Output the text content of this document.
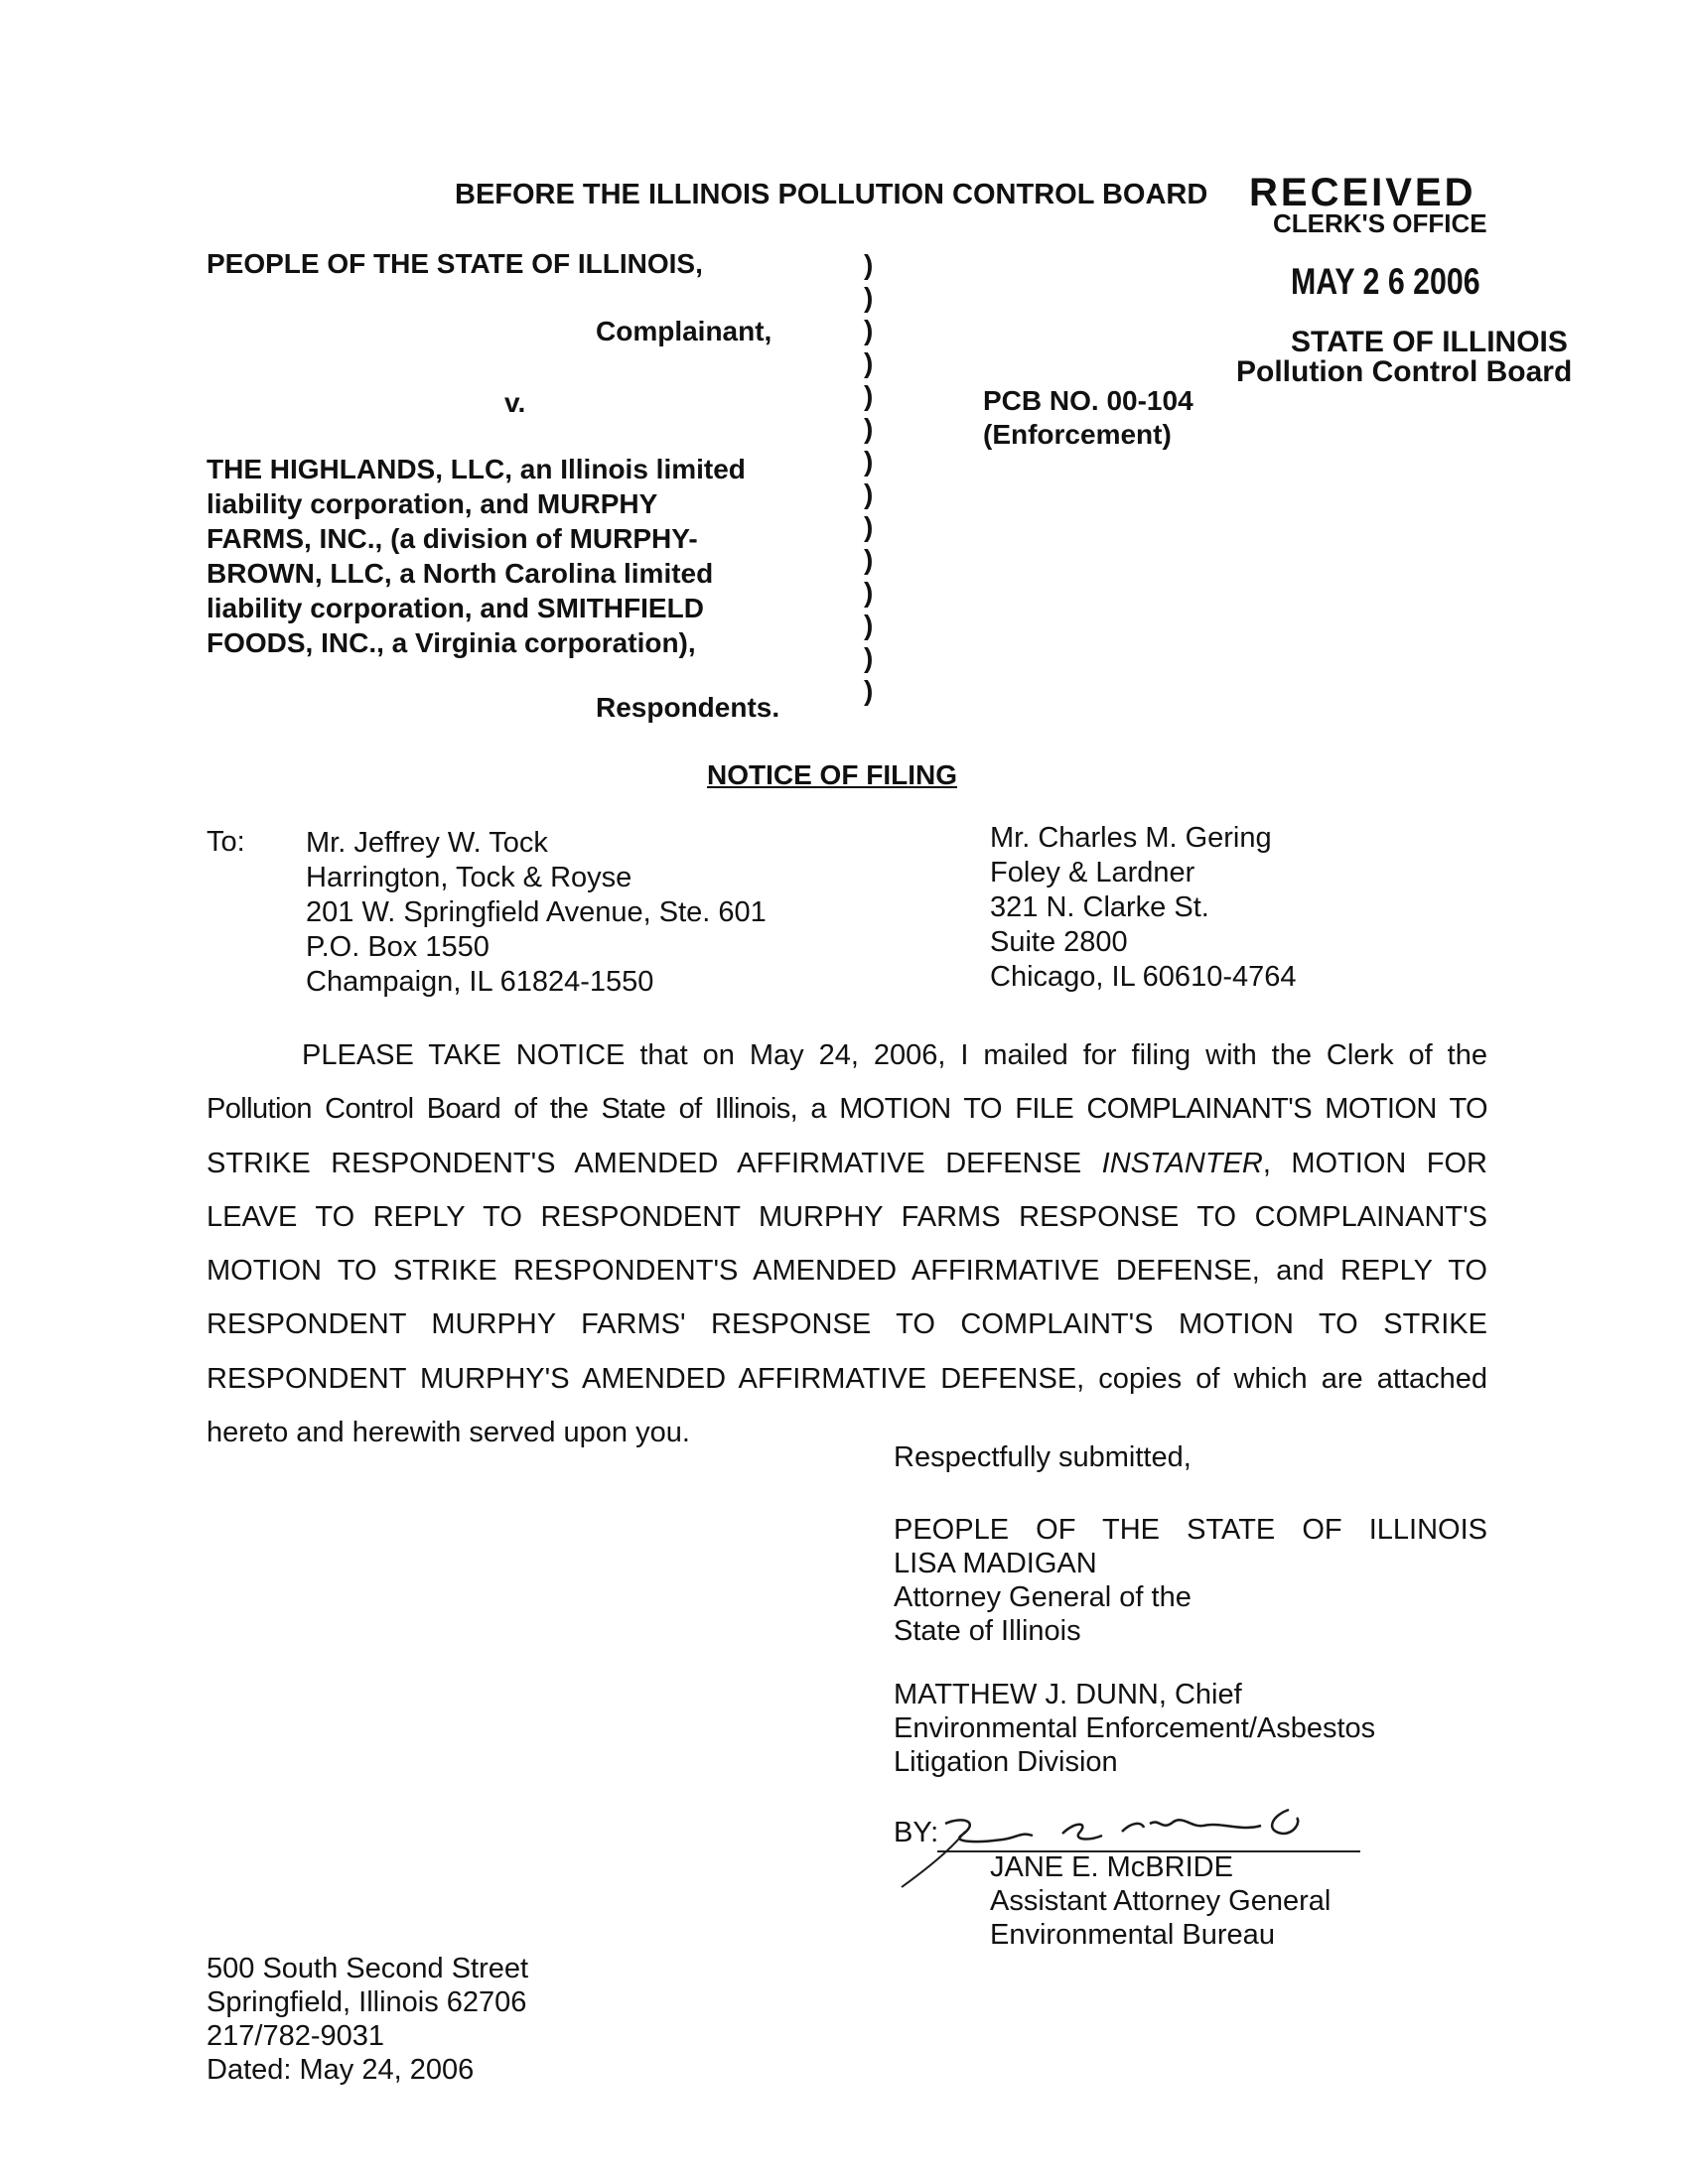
BEFORE THE ILLINOIS POLLUTION CONTROL BOARD RECEIVED
CLERK'S OFFICE
MAY 2 6 2006
STATE OF ILLINOIS
Pollution Control Board
PEOPLE OF THE STATE OF ILLINOIS,
Complainant,
v.
THE HIGHLANDS, LLC, an Illinois limited
liability corporation, and MURPHY
FARMS, INC., (a division of MURPHY-
BROWN, LLC, a North Carolina limited
liability corporation, and SMITHFIELD
FOODS, INC., a Virginia corporation),
Respondents.
)
)
)
)
)
)
)
)
)
)
)
)
)
)
PCB NO. 00-104
(Enforcement)
NOTICE OF FILING
To: Mr. Jeffrey W. Tock
Harrington, Tock & Royse
201 W. Springfield Avenue, Ste. 601
P.O. Box 1550
Champaign, IL 61824-1550
Mr. Charles M. Gering
Foley & Lardner
321 N. Clarke St.
Suite 2800
Chicago, IL 60610-4764
PLEASE TAKE NOTICE that on May 24, 2006, I mailed for filing with the Clerk of the
Pollution Control Board of the State of Illinois, a MOTION TO FILE COMPLAINANT'S MOTION TO
STRIKE RESPONDENT'S AMENDED AFFIRMATIVE DEFENSE INSTANTER, MOTION FOR
LEAVE TO REPLY TO RESPONDENT MURPHY FARMS RESPONSE TO COMPLAINANT'S
MOTION TO STRIKE RESPONDENT'S AMENDED AFFIRMATIVE DEFENSE, and REPLY TO
RESPONDENT MURPHY FARMS' RESPONSE TO COMPLAINT'S MOTION TO STRIKE
RESPONDENT MURPHY'S AMENDED AFFIRMATIVE DEFENSE, copies of which are attached
hereto and herewith served upon you.
Respectfully submitted,
PEOPLE OF THE STATE OF ILLINOIS
LISA MADIGAN
Attorney General of the
State of Illinois
MATTHEW J. DUNN, Chief
Environmental Enforcement/Asbestos
Litigation Division
BY:
JANE E. McBRIDE
Assistant Attorney General
Environmental Bureau
500 South Second Street
Springfield, Illinois 62706
217/782-9031
Dated: May 24, 2006
